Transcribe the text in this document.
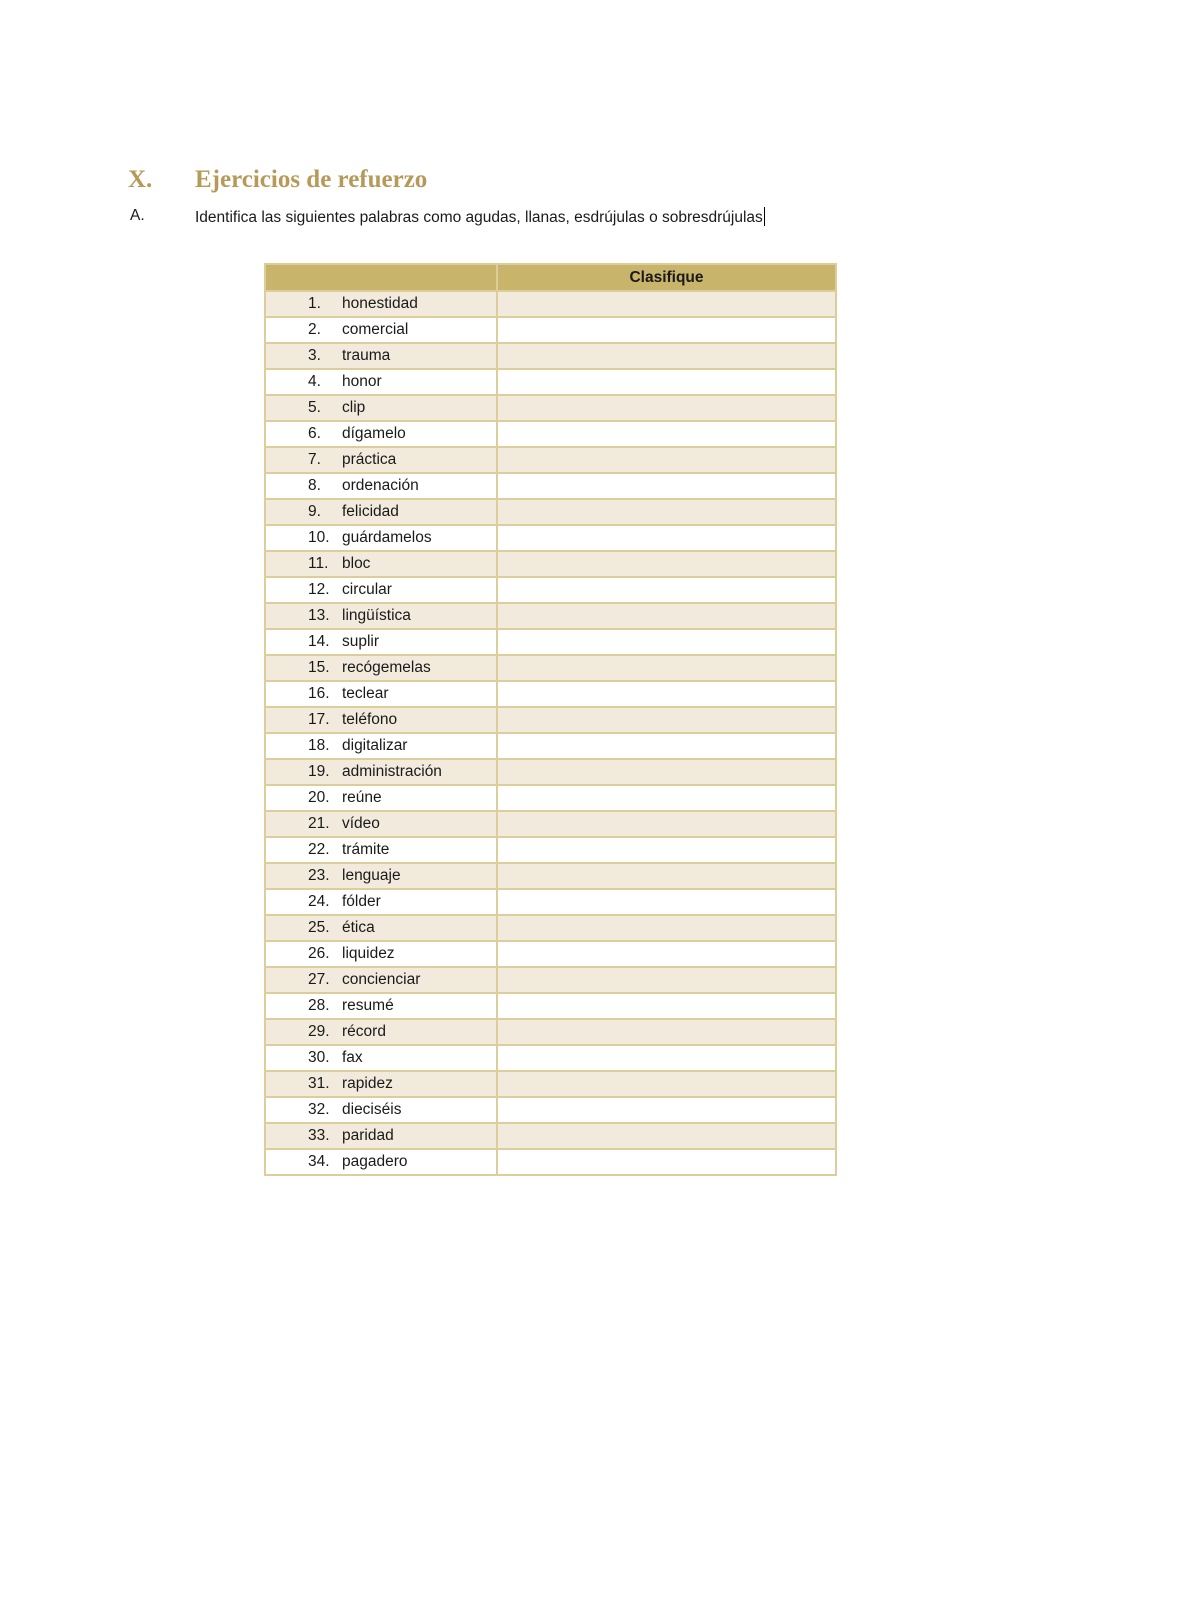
X. Ejercicios de refuerzo
A.	Identifica las siguientes palabras como agudas, llanas, esdrújulas o sobresdrújulas
	Clasifique
1. honestidad	
2. comercial	
3. trauma	
4. honor	
5. clip	
6. dígamelo	
7. práctica	
8. ordenación	
9. felicidad	
10. guárdamelos	
11. bloc	
12. circular	
13. lingüística	
14. suplir	
15. recógemelas	
16. teclear	
17. teléfono	
18. digitalizar	
19. administración	
20. reúne	
21. vídeo	
22. trámite	
23. lenguaje	
24. fólder	
25. ética	
26. liquidez	
27. concienciar	
28. resumé	
29. récord	
30. fax	
31. rapidez	
32. dieciséis	
33. paridad	
34. pagadero	
